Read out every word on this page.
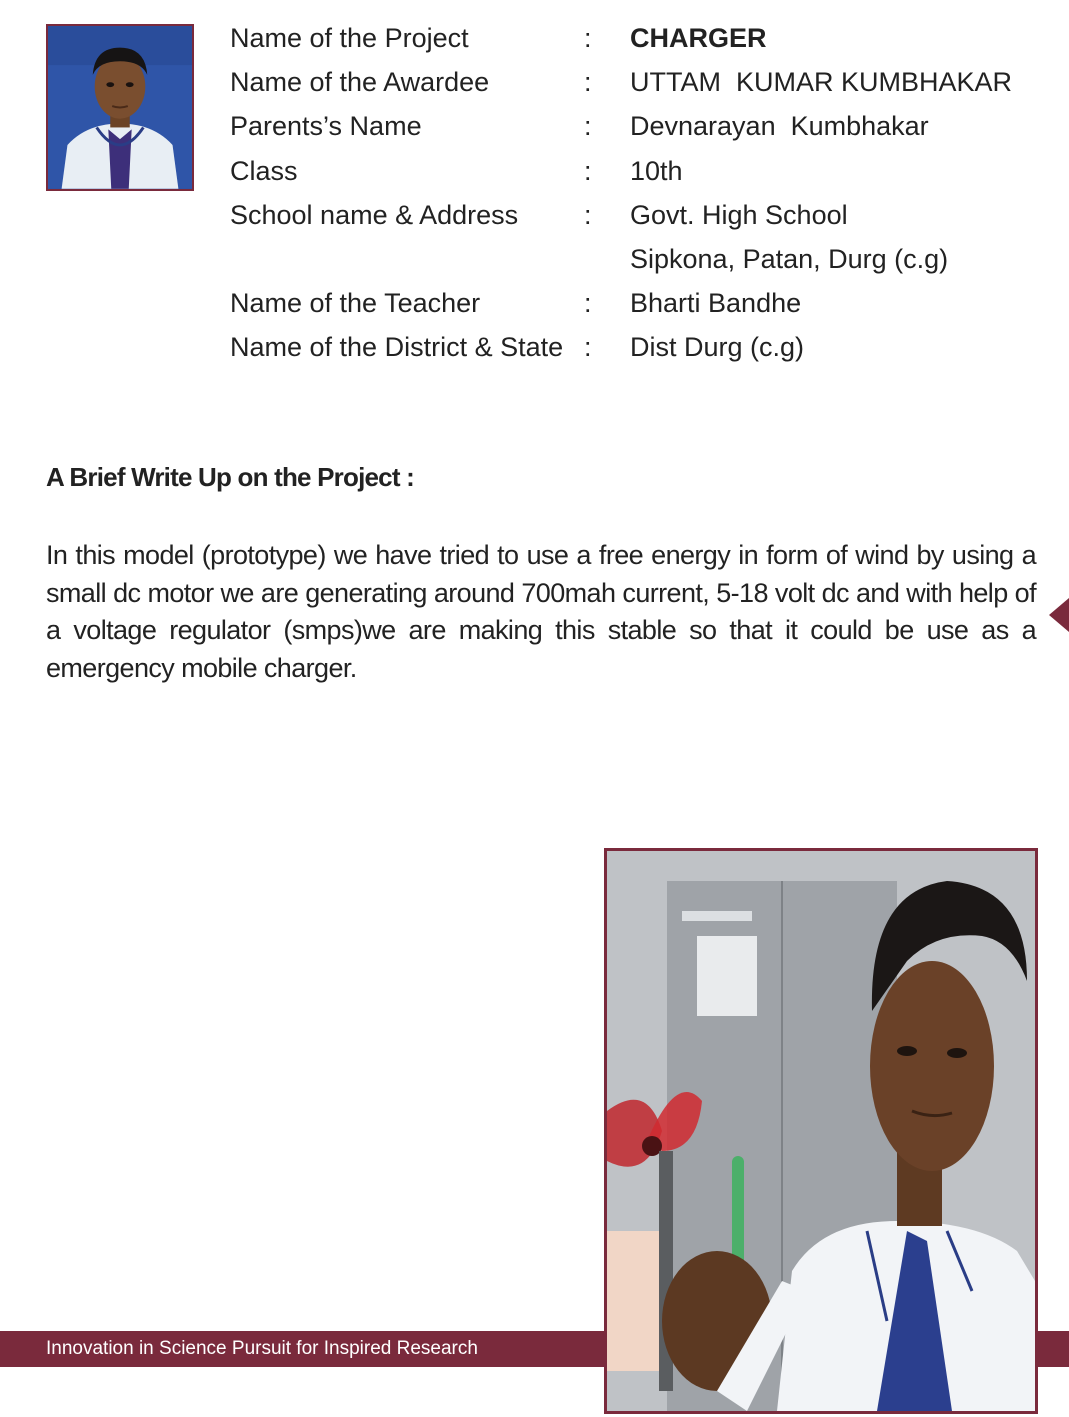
Name of the Project	: CHARGER
Name of the Awardee	: UTTAM  KUMAR KUMBHAKAR
Parents’s Name	: Devnarayan  Kumbhakar
Class	: 10th
School name & Address : Govt. High School
Sipkona, Patan, Durg (c.g)
Name of the Teacher	: Bharti Bandhe
Name of the District & State : Dist Durg (c.g)
A Brief Write Up on the Project :

In this model (prototype) we have tried to use a free energy in form of wind by using a small dc motor we are generating around 700mah current, 5-18 volt dc and with help of a voltage regulator (smps)we are making this stable so that it could be use as a emergency mobile charger.

Innovation in Science Pursuit for Inspired Research
